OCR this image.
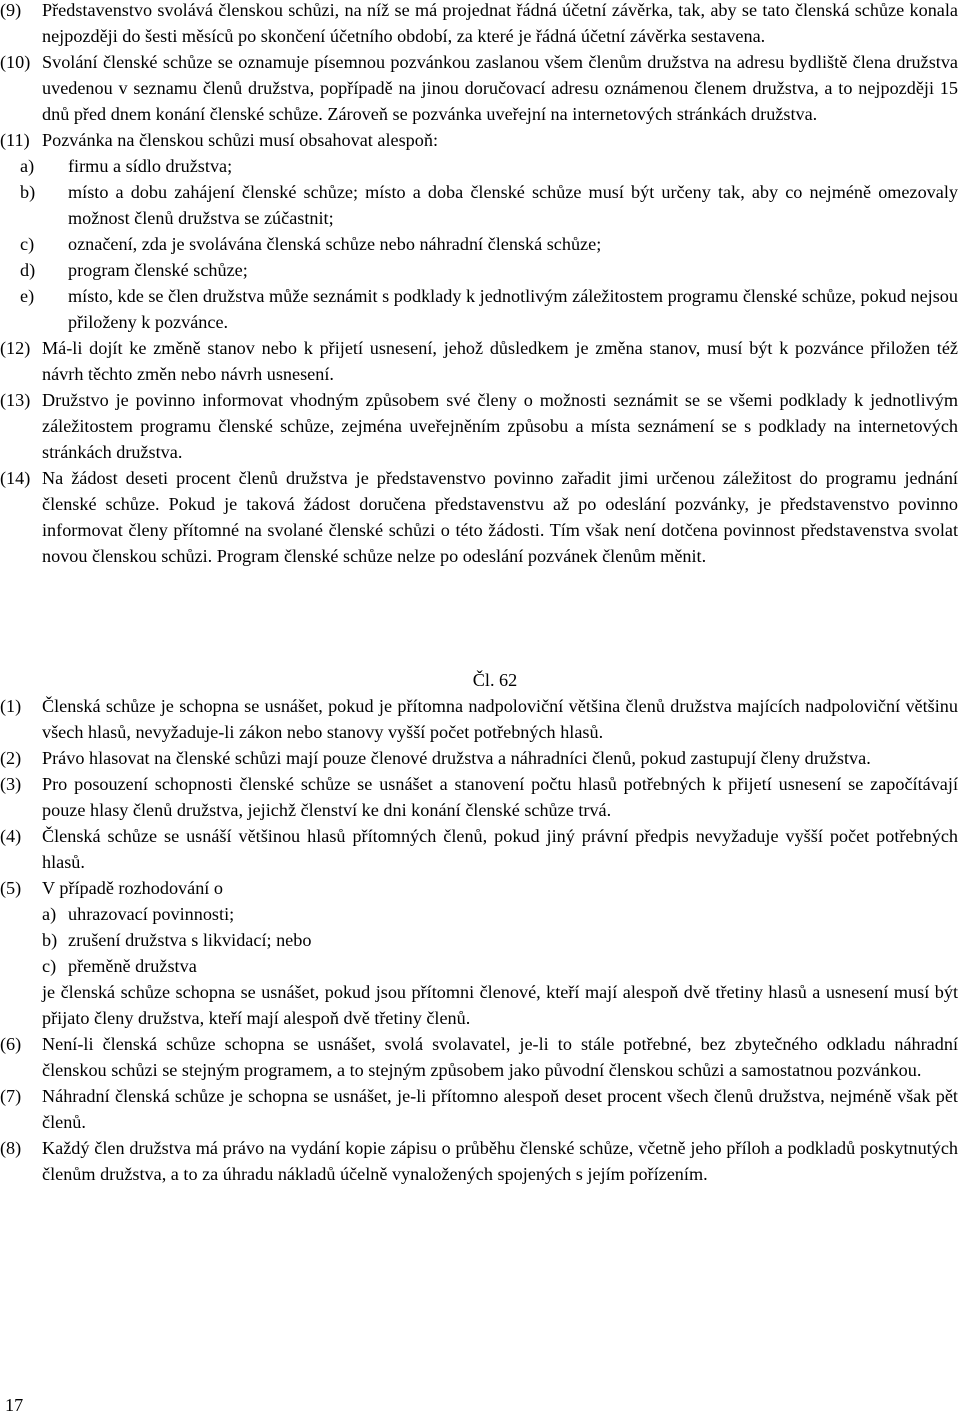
(9) Představenstvo svolává členskou schůzi, na níž se má projednat řádná účetní závěrka, tak, aby se tato členská schůze konala nejpozději do šesti měsíců po skončení účetního období, za které je řádná účetní závěrka sestavena.
(10) Svolání členské schůze se oznamuje písemnou pozvánkou zaslanou všem členům družstva na adresu bydliště člena družstva uvedenou v seznamu členů družstva, popřípadě na jinou doručovací adresu oznámenou členem družstva, a to nejpozději 15 dnů před dnem konání členské schůze. Zároveň se pozvánka uveřejní na internetových stránkách družstva.
(11) Pozvánka na členskou schůzi musí obsahovat alespoň:
a) firmu a sídlo družstva;
b) místo a dobu zahájení členské schůze; místo a doba členské schůze musí být určeny tak, aby co nejméně omezovaly možnost členů družstva se zúčastnit;
c) označení, zda je svolávána členská schůze nebo náhradní členská schůze;
d) program členské schůze;
e) místo, kde se člen družstva může seznámit s podklady k jednotlivým záležitostem programu členské schůze, pokud nejsou přiloženy k pozvánce.
(12) Má-li dojít ke změně stanov nebo k přijetí usnesení, jehož důsledkem je změna stanov, musí být k pozvánce přiložen též návrh těchto změn nebo návrh usnesení.
(13) Družstvo je povinno informovat vhodným způsobem své členy o možnosti seznámit se se všemi podklady k jednotlivým záležitostem programu členské schůze, zejména uveřejněním způsobu a místa seznámení se s podklady na internetových stránkách družstva.
(14) Na žádost deseti procent členů družstva je představenstvo povinno zařadit jimi určenou záležitost do programu jednání členské schůze. Pokud je taková žádost doručena představenstvu až po odeslání pozvánky, je představenstvo povinno informovat členy přítomné na svolané členské schůzi o této žádosti. Tím však není dotčena povinnost představenstva svolat novou členskou schůzi. Program členské schůze nelze po odeslání pozvánek členům měnit.
Čl. 62
(1) Členská schůze je schopna se usnášet, pokud je přítomna nadpoloviční většina členů družstva majících nadpoloviční většinu všech hlasů, nevyžaduje-li zákon nebo stanovy vyšší počet potřebných hlasů.
(2) Právo hlasovat na členské schůzi mají pouze členové družstva a náhradníci členů, pokud zastupují členy družstva.
(3) Pro posouzení schopnosti členské schůze se usnášet a stanovení počtu hlasů potřebných k přijetí usnesení se započítávají pouze hlasy členů družstva, jejichž členství ke dni konání členské schůze trvá.
(4) Členská schůze se usnáší většinou hlasů přítomných členů, pokud jiný právní předpis nevyžaduje vyšší počet potřebných hlasů.
(5) V případě rozhodování o
a) uhrazovací povinnosti;
b) zrušení družstva s likvidací; nebo
c) přeměně družstva
je členská schůze schopna se usnášet, pokud jsou přítomni členové, kteří mají alespoň dvě třetiny hlasů a usnesení musí být přijato členy družstva, kteří mají alespoň dvě třetiny členů.
(6) Není-li členská schůze schopna se usnášet, svolá svolavatel, je-li to stále potřebné, bez zbytečného odkladu náhradní členskou schůzi se stejným programem, a to stejným způsobem jako původní členskou schůzi a samostatnou pozvánkou.
(7) Náhradní členská schůze je schopna se usnášet, je-li přítomno alespoň deset procent všech členů družstva, nejméně však pět členů.
(8) Každý člen družstva má právo na vydání kopie zápisu o průběhu členské schůze, včetně jeho příloh a podkladů poskytnutých členům družstva, a to za úhradu nákladů účelně vynaložených spojených s jejím pořízením.
17
